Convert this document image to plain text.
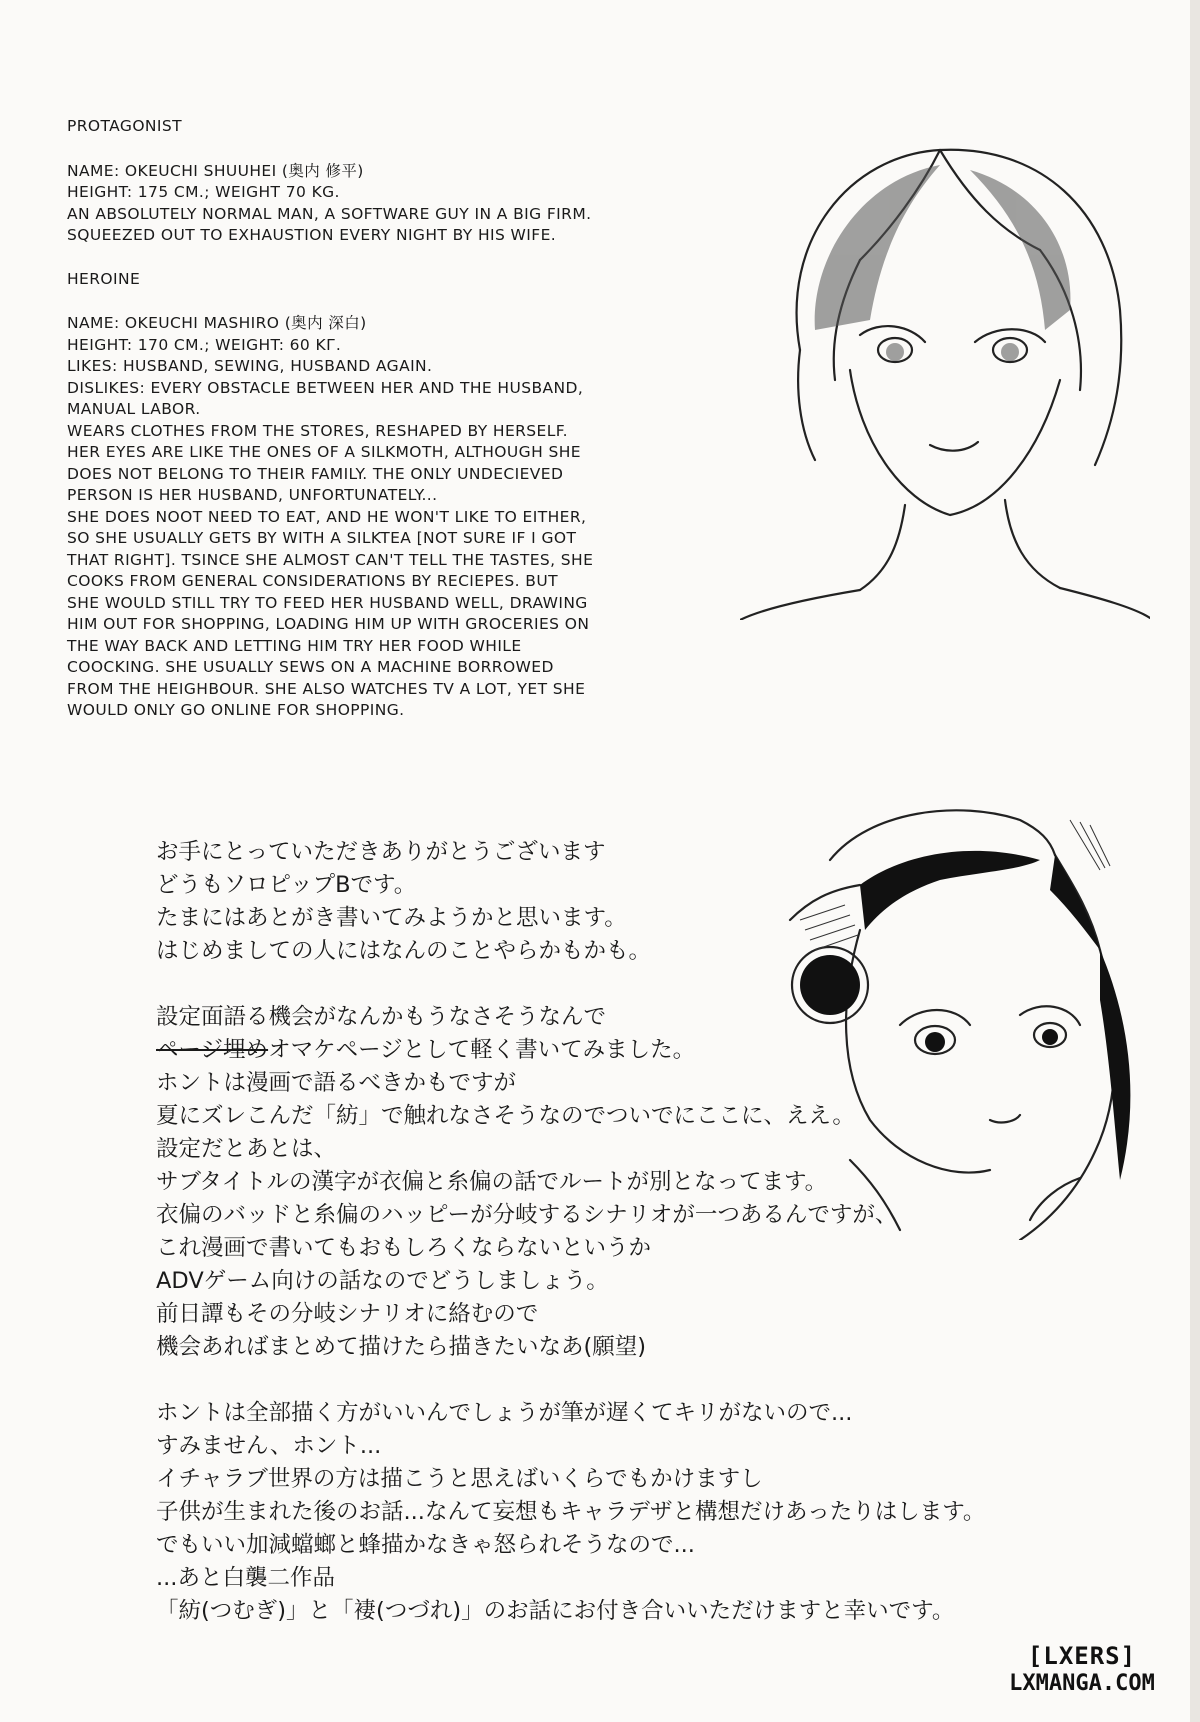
PROTAGONIST

NAME: OKEUCHI SHUUHEI (奥内 修平)

HEIGHT: 175 CM.; WEIGHT 70 KG.

AN ABSOLUTELY NORMAL MAN, A SOFTWARE GUY IN A BIG FIRM.

SQUEEZED OUT TO EXHAUSTION EVERY NIGHT BY HIS WIFE.

HEROINE

NAME: OKEUCHI MASHIRO (奥内 深白)

HEIGHT: 170 CM.; WEIGHT: 60 KГ.

LIKES: HUSBAND, SEWING, HUSBAND AGAIN.

DISLIKES: EVERY OBSTACLE BETWEEN HER AND THE HUSBAND,

MANUAL LABOR.

WEARS CLOTHES FROM THE STORES, RESHAPED BY HERSELF.

HER EYES ARE LIKE THE ONES OF A SILKMOTH, ALTHOUGH SHE

DOES NOT BELONG TO THEIR FAMILY. THE ONLY UNDECIEVED

PERSON IS HER HUSBAND, UNFORTUNATELY...

SHE DOES NOOT NEED TO EAT, AND HE WON'T LIKE TO EITHER,

SO SHE USUALLY GETS BY WITH A SILKTEA [NOT SURE IF I GOT

THAT RIGHT]. TSINCE SHE ALMOST CAN'T TELL THE TASTES, SHE

COOKS FROM GENERAL CONSIDERATIONS BY RECIEPES. BUT

SHE WOULD STILL TRY TO FEED HER HUSBAND WELL, DRAWING

HIM OUT FOR SHOPPING, LOADING HIM UP WITH GROCERIES ON

THE WAY BACK AND LETTING HIM TRY HER FOOD WHILE

COOCKING. SHE USUALLY SEWS ON A MACHINE BORROWED

FROM THE HEIGHBOUR. SHE ALSO WATCHES TV A LOT, YET SHE

WOULD ONLY GO ONLINE FOR SHOPPING.

お手にとっていただきありがとうございます

どうもソロピップBです。

たまにはあとがき書いてみようかと思います。

はじめましての人にはなんのことやらかもかも。

設定面語る機会がなんかもうなさそうなんで

ページ埋めオマケページとして軽く書いてみました。

ホントは漫画で語るべきかもですが

夏にズレこんだ「紡」で触れなさそうなのでついでにここに、ええ。

設定だとあとは、

サブタイトルの漢字が衣偏と糸偏の話でルートが別となってます。

衣偏のバッドと糸偏のハッピーが分岐するシナリオが一つあるんですが、

これ漫画で書いてもおもしろくならないというか

ADVゲーム向けの話なのでどうしましょう。

前日譚もその分岐シナリオに絡むので

機会あればまとめて描けたら描きたいなあ(願望)

ホントは全部描く方がいいんでしょうが筆が遅くてキリがないので...

すみません、ホント...

イチャラブ世界の方は描こうと思えばいくらでもかけますし

子供が生まれた後のお話...なんて妄想もキャラデザと構想だけあったりはします。

でもいい加減蟷螂と蜂描かなきゃ怒られそうなので...

...あと白襲二作品

「紡(つむぎ)」と「褄(つづれ)」のお話にお付き合いいただけますと幸いです。

[LXERS]
LXMANGA.COM
